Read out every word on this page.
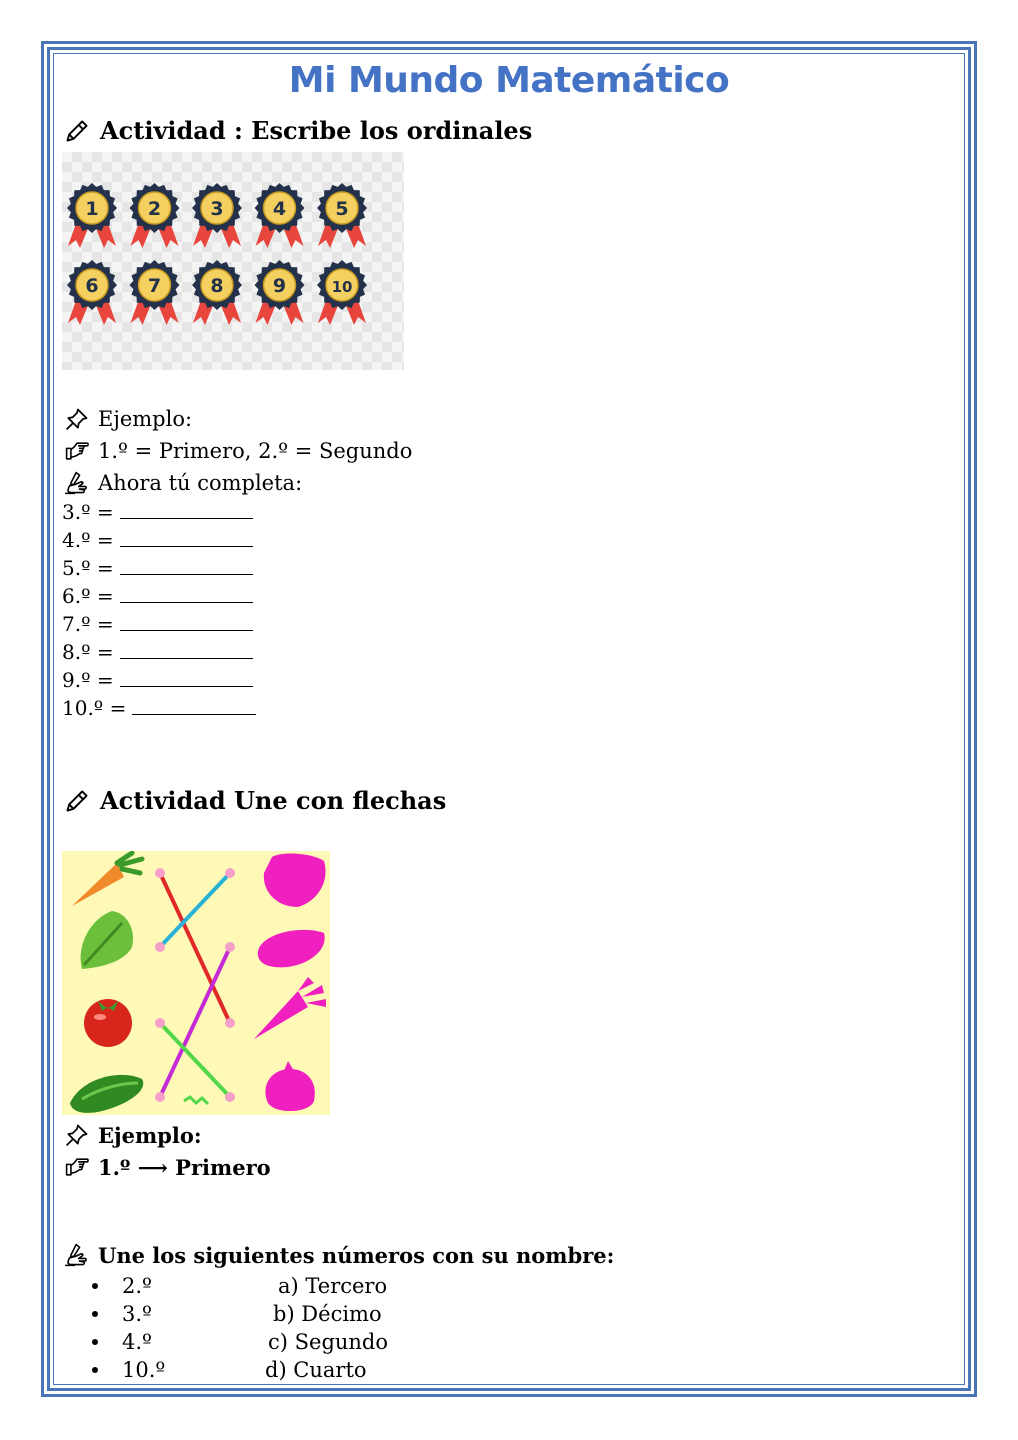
Mi Mundo Matemático
Actividad : Escribe los ordinales
1	2	3	4	5
6	7	8	9	10
Ejemplo:
1.º = Primero, 2.º = Segundo
Ahora tú completa:
3.º =
4.º =
5.º =
6.º =
7.º =
8.º =
9.º =
10.º =
Actividad Une con flechas
Ejemplo:
1.º ⟶ Primero
Une los siguientes números con su nombre:
2.º	a) Tercero
3.º	b) Décimo
4.º	c) Segundo
10.º	d) Cuarto
